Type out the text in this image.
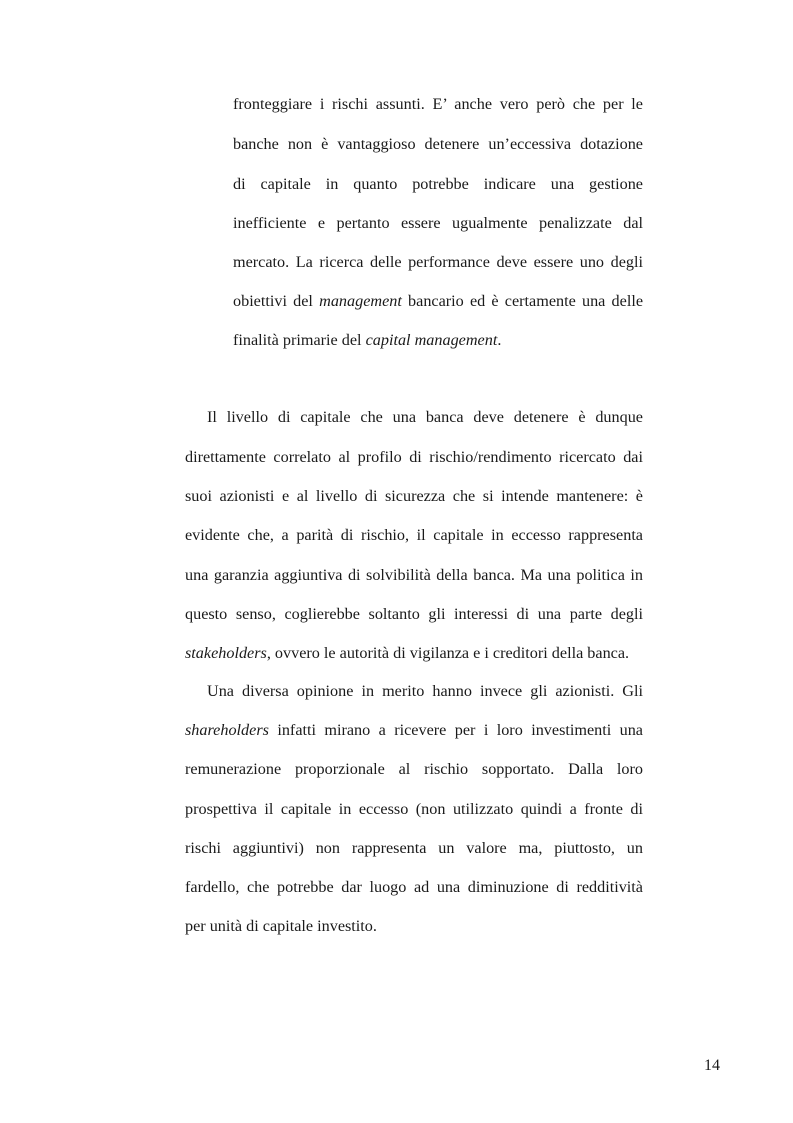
fronteggiare i rischi assunti. E’ anche vero però che per le
banche non è vantaggioso detenere un’eccessiva dotazione
di capitale in quanto potrebbe indicare una gestione
inefficiente e pertanto essere ugualmente penalizzate dal
mercato. La ricerca delle performance deve essere uno degli
obiettivi del management bancario ed è certamente una delle
finalità primarie del capital management.
Il livello di capitale che una banca deve detenere è dunque
direttamente correlato al profilo di rischio/rendimento ricercato dai
suoi azionisti e al livello di sicurezza che si intende mantenere: è
evidente che, a parità di rischio, il capitale in eccesso rappresenta
una garanzia aggiuntiva di solvibilità della banca. Ma una politica in
questo senso, coglierebbe soltanto gli interessi di una parte degli
stakeholders, ovvero le autorità di vigilanza e i creditori della banca.
Una diversa opinione in merito hanno invece gli azionisti. Gli
shareholders infatti mirano a ricevere per i loro investimenti una
remunerazione proporzionale al rischio sopportato. Dalla loro
prospettiva il capitale in eccesso (non utilizzato quindi a fronte di
rischi aggiuntivi) non rappresenta un valore ma, piuttosto, un
fardello, che potrebbe dar luogo ad una diminuzione di redditività
per unità di capitale investito.
14
